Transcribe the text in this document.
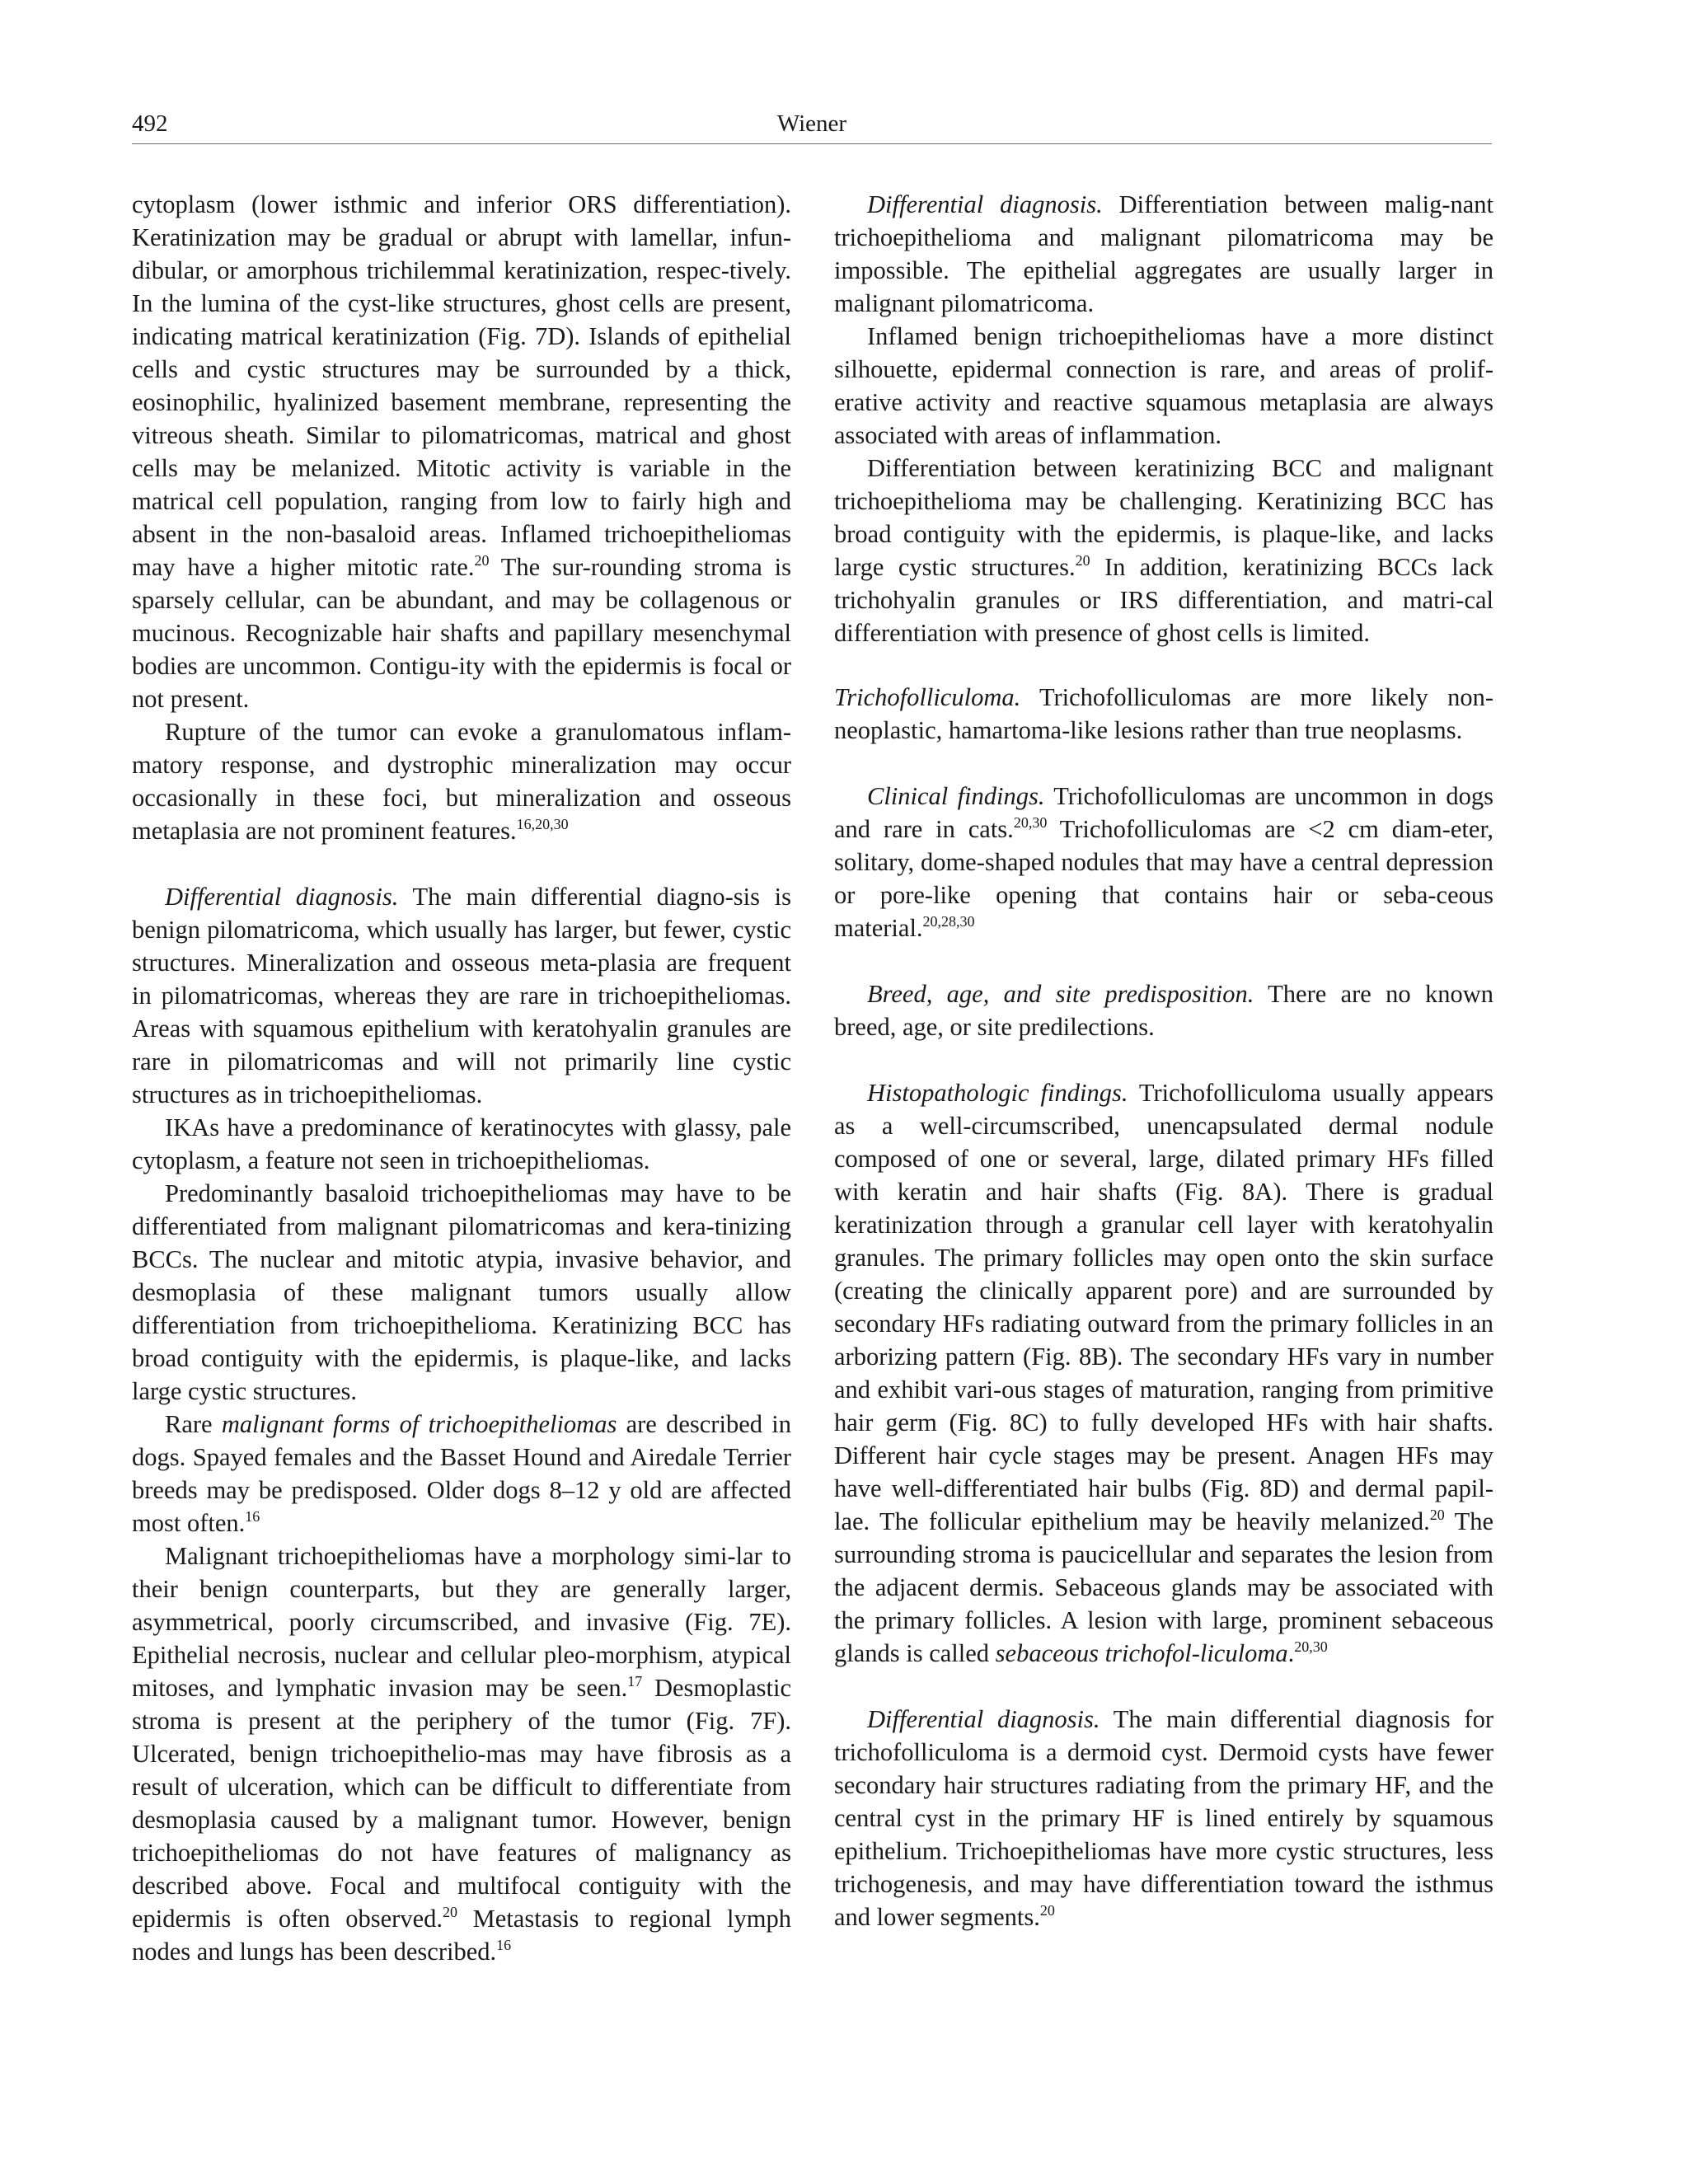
492	Wiener

cytoplasm (lower isthmic and inferior ORS differentiation). Keratinization may be gradual or abrupt with lamellar, infun-dibular, or amorphous trichilemmal keratinization, respec-tively. In the lumina of the cyst-like structures, ghost cells are present, indicating matrical keratinization (Fig. 7D). Islands of epithelial cells and cystic structures may be surrounded by a thick, eosinophilic, hyalinized basement membrane, representing the vitreous sheath. Similar to pilomatricomas, matrical and ghost cells may be melanized. Mitotic activity is variable in the matrical cell population, ranging from low to fairly high and absent in the non-basaloid areas. Inflamed trichoepitheliomas may have a higher mitotic rate.$^{20}$ The sur-rounding stroma is sparsely cellular, can be abundant, and may be collagenous or mucinous. Recognizable hair shafts and papillary mesenchymal bodies are uncommon. Contigu-ity with the epidermis is focal or not present.

Rupture of the tumor can evoke a granulomatous inflam-matory response, and dystrophic mineralization may occur occasionally in these foci, but mineralization and osseous metaplasia are not prominent features.$^{16,20,30}$

Differential diagnosis. The main differential diagno-sis is benign pilomatricoma, which usually has larger, but fewer, cystic structures. Mineralization and osseous meta-plasia are frequent in pilomatricomas, whereas they are rare in trichoepitheliomas. Areas with squamous epithelium with keratohyalin granules are rare in pilomatricomas and will not primarily line cystic structures as in trichoepitheliomas.

IKAs have a predominance of keratinocytes with glassy, pale cytoplasm, a feature not seen in trichoepitheliomas.

Predominantly basaloid trichoepitheliomas may have to be differentiated from malignant pilomatricomas and kera-tinizing BCCs. The nuclear and mitotic atypia, invasive behavior, and desmoplasia of these malignant tumors usually allow differentiation from trichoepithelioma. Keratinizing BCC has broad contiguity with the epidermis, is plaque-like, and lacks large cystic structures.

Rare malignant forms of trichoepitheliomas are described in dogs. Spayed females and the Basset Hound and Airedale Terrier breeds may be predisposed. Older dogs 8–12 y old are affected most often.$^{16}$

Malignant trichoepitheliomas have a morphology simi-lar to their benign counterparts, but they are generally larger, asymmetrical, poorly circumscribed, and invasive (Fig. 7E). Epithelial necrosis, nuclear and cellular pleo-morphism, atypical mitoses, and lymphatic invasion may be seen.$^{17}$ Desmoplastic stroma is present at the periphery of the tumor (Fig. 7F). Ulcerated, benign trichoepithelio-mas may have fibrosis as a result of ulceration, which can be difficult to differentiate from desmoplasia caused by a malignant tumor. However, benign trichoepitheliomas do not have features of malignancy as described above. Focal and multifocal contiguity with the epidermis is often observed.$^{20}$ Metastasis to regional lymph nodes and lungs has been described.$^{16}$

Differential diagnosis. Differentiation between malig-nant trichoepithelioma and malignant pilomatricoma may be impossible. The epithelial aggregates are usually larger in malignant pilomatricoma.

Inflamed benign trichoepitheliomas have a more distinct silhouette, epidermal connection is rare, and areas of prolif-erative activity and reactive squamous metaplasia are always associated with areas of inflammation.

Differentiation between keratinizing BCC and malignant trichoepithelioma may be challenging. Keratinizing BCC has broad contiguity with the epidermis, is plaque-like, and lacks large cystic structures.$^{20}$ In addition, keratinizing BCCs lack trichohyalin granules or IRS differentiation, and matri-cal differentiation with presence of ghost cells is limited.

Trichofolliculoma. Trichofolliculomas are more likely non-neoplastic, hamartoma-like lesions rather than true neoplasms.

Clinical findings. Trichofolliculomas are uncommon in dogs and rare in cats.$^{20,30}$ Trichofolliculomas are <2 cm diam-eter, solitary, dome-shaped nodules that may have a central depression or pore-like opening that contains hair or seba-ceous material.$^{20,28,30}$

Breed, age, and site predisposition. There are no known breed, age, or site predilections.

Histopathologic findings. Trichofolliculoma usually appears as a well-circumscribed, unencapsulated dermal nodule composed of one or several, large, dilated primary HFs filled with keratin and hair shafts (Fig. 8A). There is gradual keratinization through a granular cell layer with keratohyalin granules. The primary follicles may open onto the skin surface (creating the clinically apparent pore) and are surrounded by secondary HFs radiating outward from the primary follicles in an arborizing pattern (Fig. 8B). The secondary HFs vary in number and exhibit vari-ous stages of maturation, ranging from primitive hair germ (Fig. 8C) to fully developed HFs with hair shafts. Different hair cycle stages may be present. Anagen HFs may have well-differentiated hair bulbs (Fig. 8D) and dermal papil-lae. The follicular epithelium may be heavily melanized.$^{20}$ The surrounding stroma is paucicellular and separates the lesion from the adjacent dermis. Sebaceous glands may be associated with the primary follicles. A lesion with large, prominent sebaceous glands is called sebaceous trichofol-liculoma.$^{20,30}$

Differential diagnosis. The main differential diagnosis for trichofolliculoma is a dermoid cyst. Dermoid cysts have fewer secondary hair structures radiating from the primary HF, and the central cyst in the primary HF is lined entirely by squamous epithelium. Trichoepitheliomas have more cystic structures, less trichogenesis, and may have differentiation toward the isthmus and lower segments.$^{20}$
